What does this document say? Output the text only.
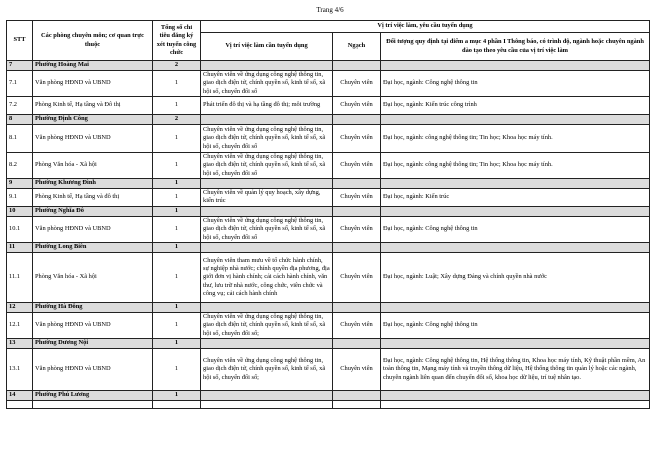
Trang 4/6
STT	Các phòng chuyên môn; cơ quan trực thuộc	Tổng số chỉ tiêu đăng ký xét tuyển công chức	Vị trí việc làm, yêu cầu tuyển dụng		
			Vị trí việc làm cần tuyển dụng	Ngạch	Đối tượng quy định tại điểm a mục 4 phần I Thông báo, có trình độ, ngành hoặc chuyên ngành đào tạo theo yêu cầu của vị trí việc làm
7	Phường Hoàng Mai	2			
7.1	Văn phòng HĐND và UBND	1	Chuyên viên về ứng dụng công nghệ thông tin, giao dịch điện tử, chính quyền số, kinh tế số, xã hội số, chuyển đổi số	Chuyên viên	Đại học, ngành: Công nghệ thông tin
7.2	Phòng Kinh tế, Hạ tầng và Đô thị	1	Phát triển đô thị và hạ tầng đô thị; môi trường	Chuyên viên	Đại học, ngành: Kiến trúc công trình
8	Phường Định Công	2			
8.1	Văn phòng HĐND và UBND	1	Chuyên viên về ứng dụng công nghệ thông tin, giao dịch điện tử, chính quyền số, kinh tế số, xã hội số, chuyển đổi số	Chuyên viên	Đại học, ngành: công nghệ thông tin; Tin học; Khoa học máy tính.
8.2	Phòng Văn hóa - Xã hội	1	Chuyên viên về ứng dụng công nghệ thông tin, giao dịch điện tử, chính quyền số, kinh tế số, xã hội số, chuyển đổi số	Chuyên viên	Đại học, ngành: công nghệ thông tin; Tin học; Khoa học máy tính.
9	Phường Khương Đình	1			
9.1	Phòng Kinh tế, Hạ tầng và đô thị	1	Chuyên viên về quản lý quy hoạch, xây dựng, kiến trúc	Chuyên viên	Đại học, ngành: Kiến trúc
10	Phường Nghĩa Đô	1			
10.1	Văn phòng HĐND và UBND	1	Chuyên viên về ứng dụng công nghệ thông tin, giao dịch điện tử, chính quyền số, kinh tế số, xã hội số, chuyển đổi số	Chuyên viên	Đại học, ngành: Công nghệ thông tin
11	Phường Long Biên	1			
11.1	Phòng Văn hóa - Xã hội	1	Chuyên viên tham mưu về tổ chức hành chính, sự nghiệp nhà nước; chính quyền địa phương, địa giới đơn vị hành chính; cải cách hành chính, văn thư, lưu trữ nhà nước, công chức, viên chức và công vụ; cải cách hành chính	Chuyên viên	Đại học, ngành: Luật; Xây dựng Đảng và chính quyền nhà nước
12	Phường Hà Đông	1			
12.1	Văn phòng HĐND và UBND	1	Chuyên viên về ứng dụng công nghệ thông tin, giao dịch điện tử, chính quyền số, kinh tế số, xã hội số, chuyển đổi số;	Chuyên viên	Đại học, ngành: Công nghệ thông tin
13	Phường Dương Nội	1			
13.1	Văn phòng HĐND và UBND	1	Chuyên viên về ứng dụng công nghệ thông tin, giao dịch điện tử, chính quyền số, kinh tế số, xã hội số, chuyển đổi số;	Chuyên viên	Đại học, ngành: Công nghệ thông tin, Hệ thống thông tin, Khoa học máy tính, Kỹ thuật phần mềm, An toàn thông tin, Mạng máy tính và truyền thông dữ liệu, Hệ thống thông tin quản lý hoặc các ngành, chuyên ngành liên quan đến chuyển đổi số, khoa học dữ liệu, trí tuệ nhân tạo.
14	Phường Phú Lương	1			
